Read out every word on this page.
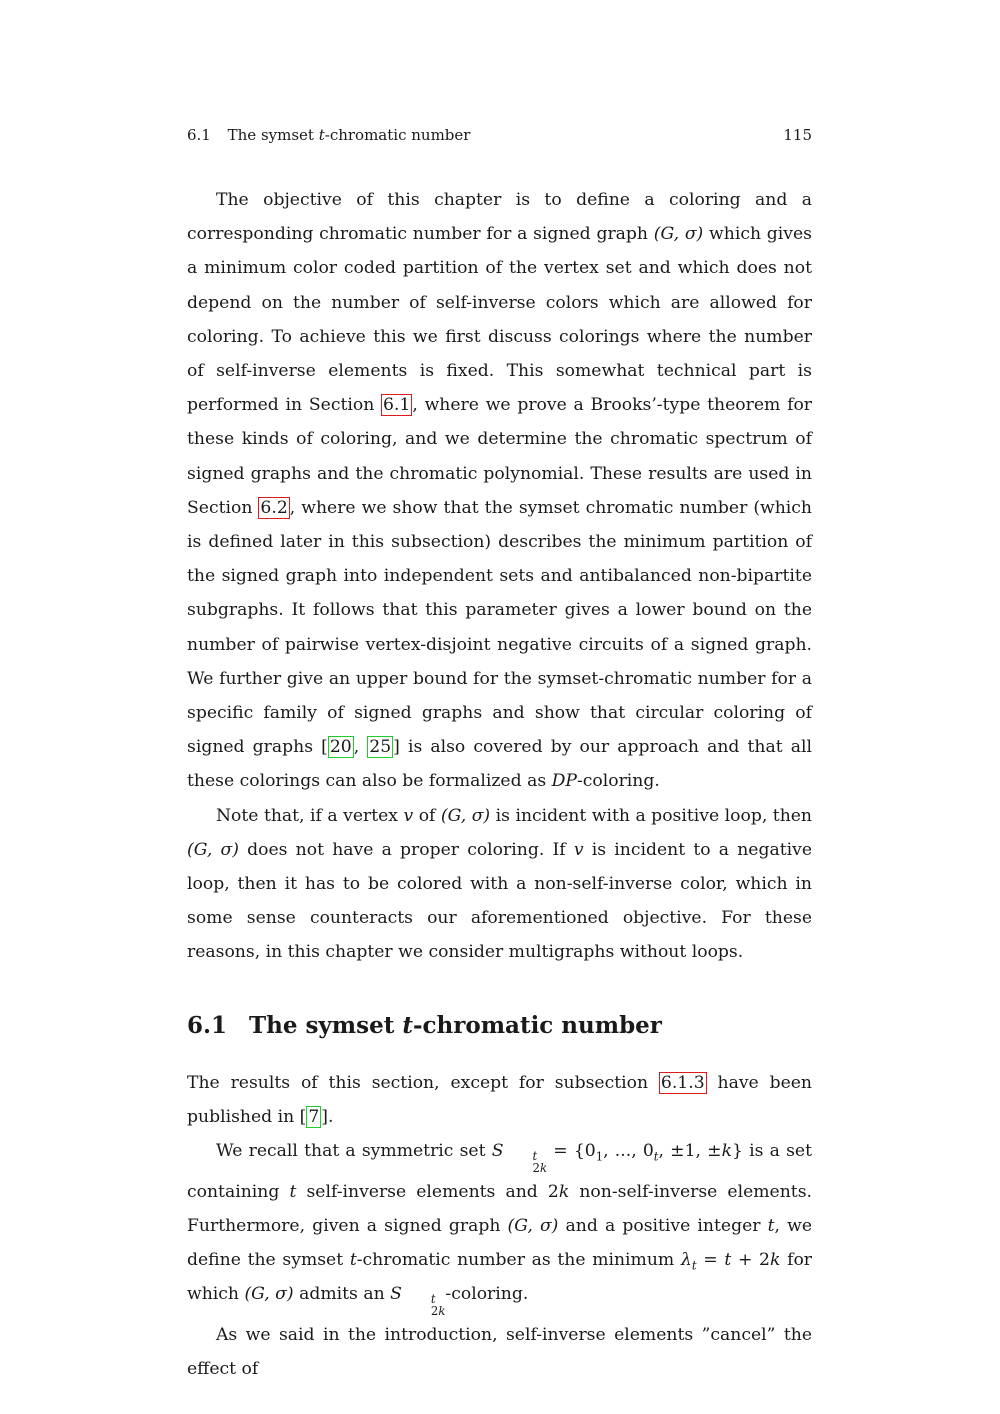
6.1 The symset t-chromatic number	115

The objective of this chapter is to define a coloring and a corresponding chromatic number for a signed graph (G, σ) which gives a minimum color coded partition of the vertex set and which does not depend on the number of self-inverse colors which are allowed for coloring. To achieve this we first discuss colorings where the number of self-inverse elements is fixed. This somewhat technical part is performed in Section 6.1 , where we prove a Brooks’-type theorem for these kinds of coloring, and we determine the chromatic spectrum of signed graphs and the chromatic polynomial. These results are used in Section 6.2 , where we show that the symset chromatic number (which is defined later in this subsection) describes the minimum partition of the signed graph into independent sets and antibalanced non-bipartite subgraphs. It follows that this parameter gives a lower bound on the number of pairwise vertex-disjoint negative circuits of a signed graph. We further give an upper bound for the symset-chromatic number for a specific family of signed graphs and show that circular coloring of signed graphs [ 20 , 25 ] is also covered by our approach and that all these colorings can also be formalized as DP-coloring.

Note that, if a vertex v of (G, σ) is incident with a positive loop, then (G, σ) does not have a proper coloring. If v is incident to a negative loop, then it has to be colored with a non-self-inverse color, which in some sense counteracts our aforementioned objective. For these reasons, in this chapter we consider multigraphs without loops.

6.1 The symset t-chromatic number

The results of this section, except for subsection 6.1.3 have been published in [ 7 ].

We recall that a symmetric set S	t
2k
= {$0_1$, ..., $0_t$, ±1, ±k} is a set containing t self-inverse elements and 2k non-self-inverse elements. Furthermore, given a signed graph (G, σ) and a positive integer t, we define the symset t-chromatic number as the minimum $\lambda_t = t + 2k$ for which (G, σ) admits an S	t
2k
-coloring.

As we said in the introduction, self-inverse elements ”cancel” the effect of
